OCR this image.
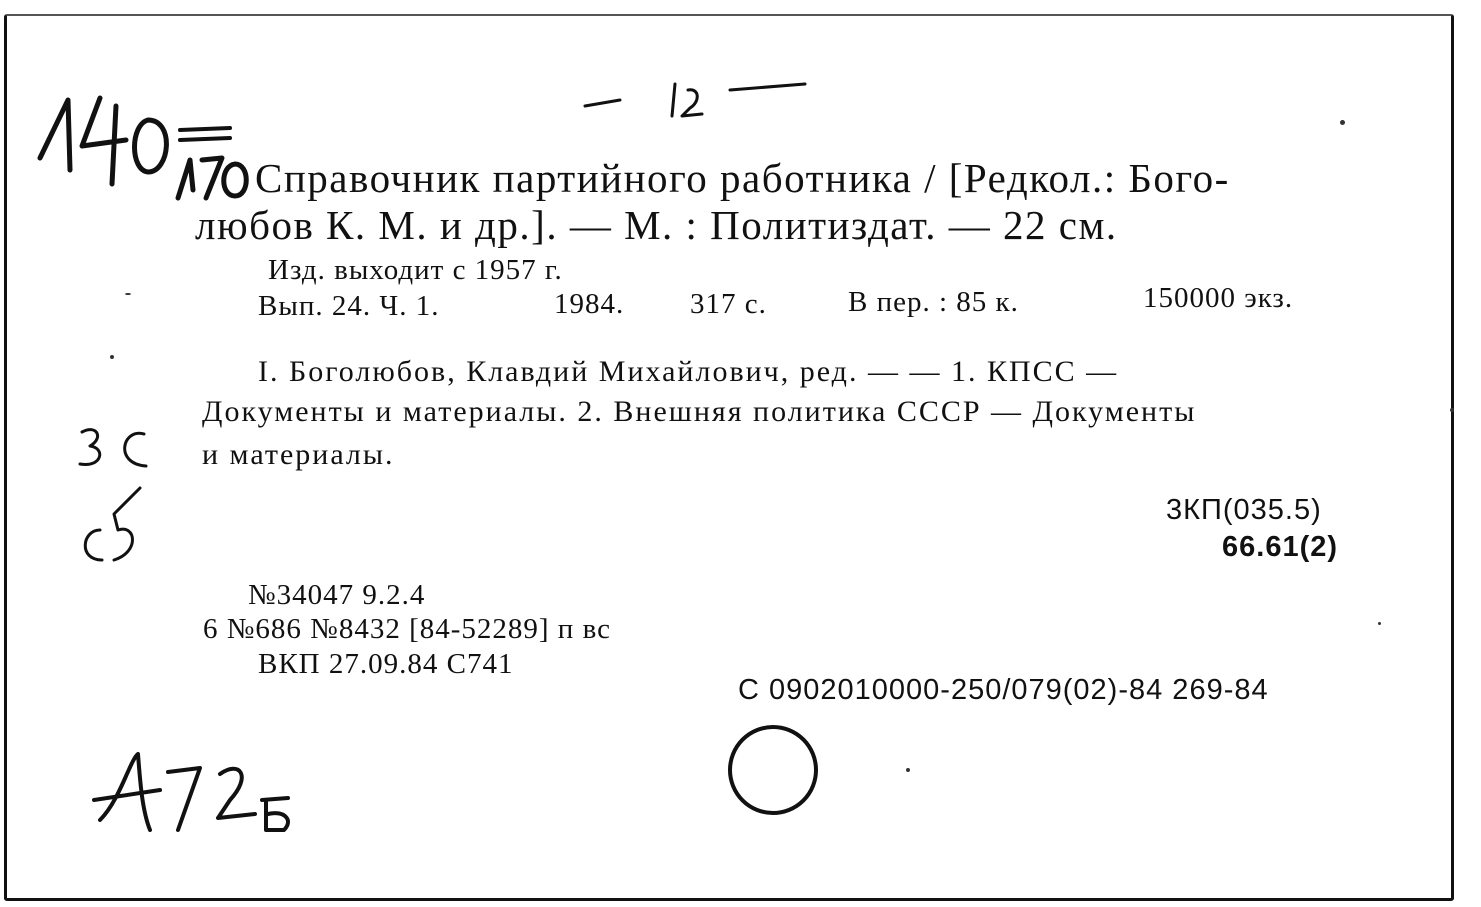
Справочник партийного работника / [Редкол.: Бого-
любов К. М. и др.]. — М. : Политиздат. — 22 см.
Изд. выходит с 1957 г.
Вып. 24. Ч. 1.	1984. 317 с.	В пер. : 85 к.	150000 экз.
I. Боголюбов, Клавдий Михайлович, ред. — — 1. КПСС —
Документы и материалы. 2. Внешняя политика СССР — Документы
и материалы.
3КП(035.5)
66.61(2)
№34047 9.2.4
6 №686 №8432 [84-52289] п вс
ВКП 27.09.84 С741
С 0902010000-250/079(02)-84 269-84
